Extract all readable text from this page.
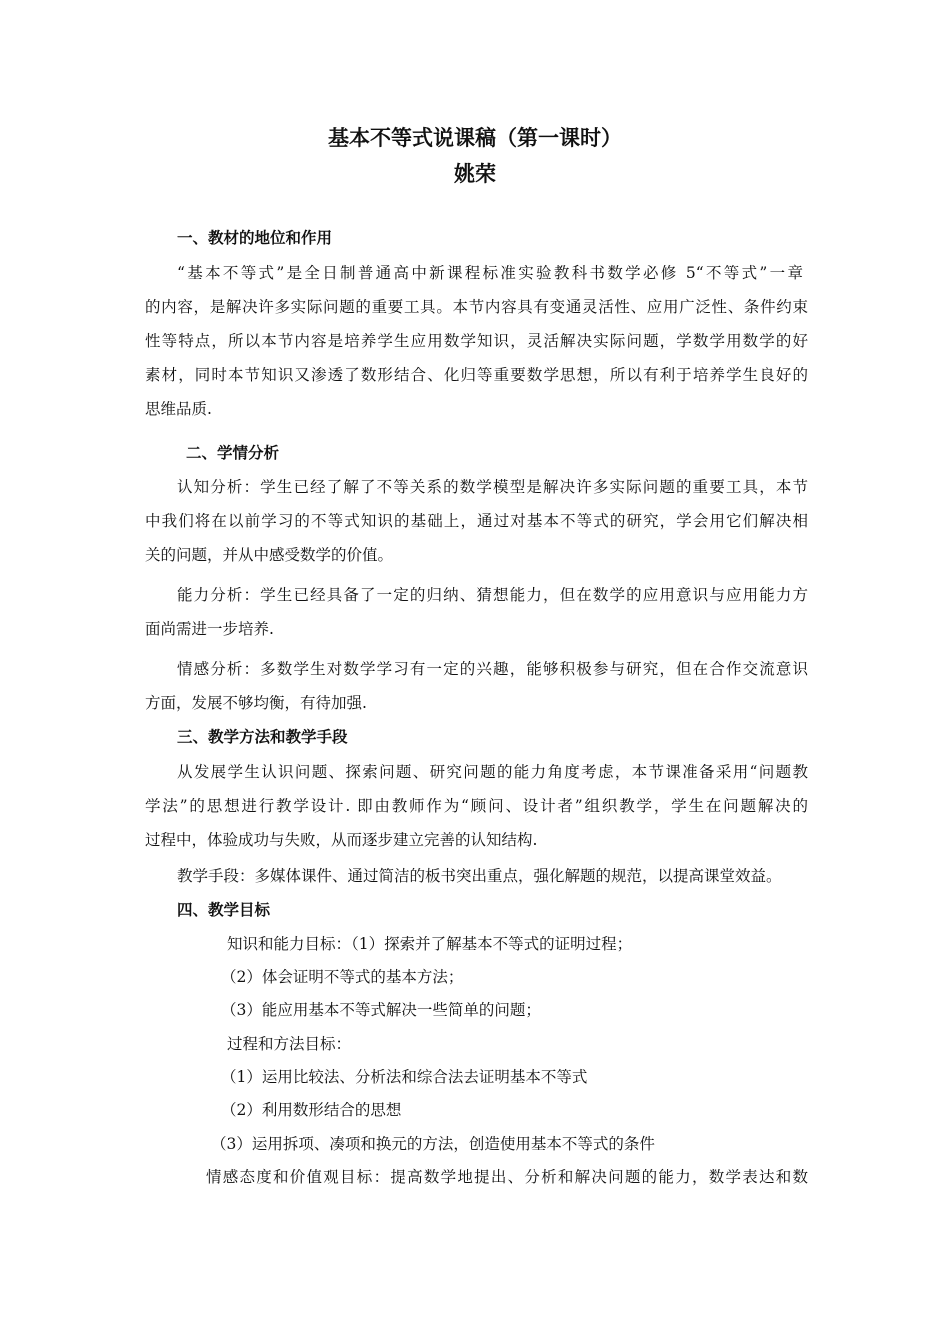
基本不等式说课稿（第一课时）
姚荣
一、教材的地位和作用
“基本不等式”是全日制普通高中新课程标准实验教科书数学必修 5“不等式”一章
的内容，是解决许多实际问题的重要工具。本节内容具有变通灵活性、应用广泛性、条件约束
性等特点，所以本节内容是培养学生应用数学知识，灵活解决实际问题，学数学用数学的好
素材，同时本节知识又渗透了数形结合、化归等重要数学思想，所以有利于培养学生良好的
思维品质.
二、学情分析
认知分析：学生已经了解了不等关系的数学模型是解决许多实际问题的重要工具，本节
中我们将在以前学习的不等式知识的基础上，通过对基本不等式的研究，学会用它们解决相
关的问题，并从中感受数学的价值。
能力分析：学生已经具备了一定的归纳、猜想能力，但在数学的应用意识与应用能力方
面尚需进一步培养.
情感分析：多数学生对数学学习有一定的兴趣，能够积极参与研究，但在合作交流意识
方面，发展不够均衡，有待加强.
三、教学方法和教学手段
从发展学生认识问题、探索问题、研究问题的能力角度考虑，本节课准备采用“问题教
学法”的思想进行教学设计. 即由教师作为“顾问、设计者”组织教学，学生在问题解决的
过程中，体验成功与失败，从而逐步建立完善的认知结构.
教学手段：多媒体课件、通过简洁的板书突出重点，强化解题的规范，以提高课堂效益。
四、教学目标
知识和能力目标：（1）探索并了解基本不等式的证明过程；
（2）体会证明不等式的基本方法；
（3）能应用基本不等式解决一些简单的问题；
过程和方法目标：
（1）运用比较法、分析法和综合法去证明基本不等式
（2）利用数形结合的思想
（3）运用拆项、凑项和换元的方法，创造使用基本不等式的条件
情感态度和价值观目标：提高数学地提出、分析和解决问题的能力，数学表达和数
